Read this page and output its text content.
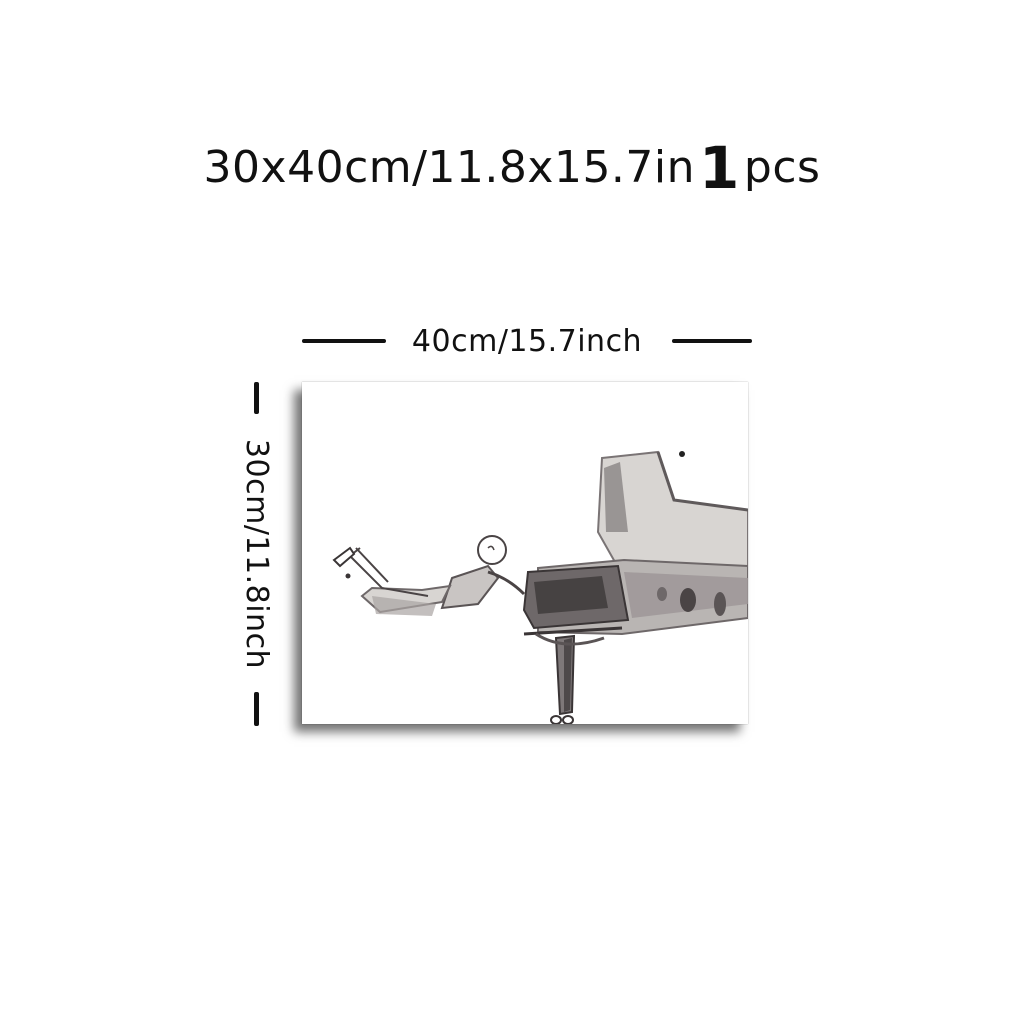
30x40cm/11.8x15.7in1pcs
40cm/15.7inch
30cm/11.8inch
